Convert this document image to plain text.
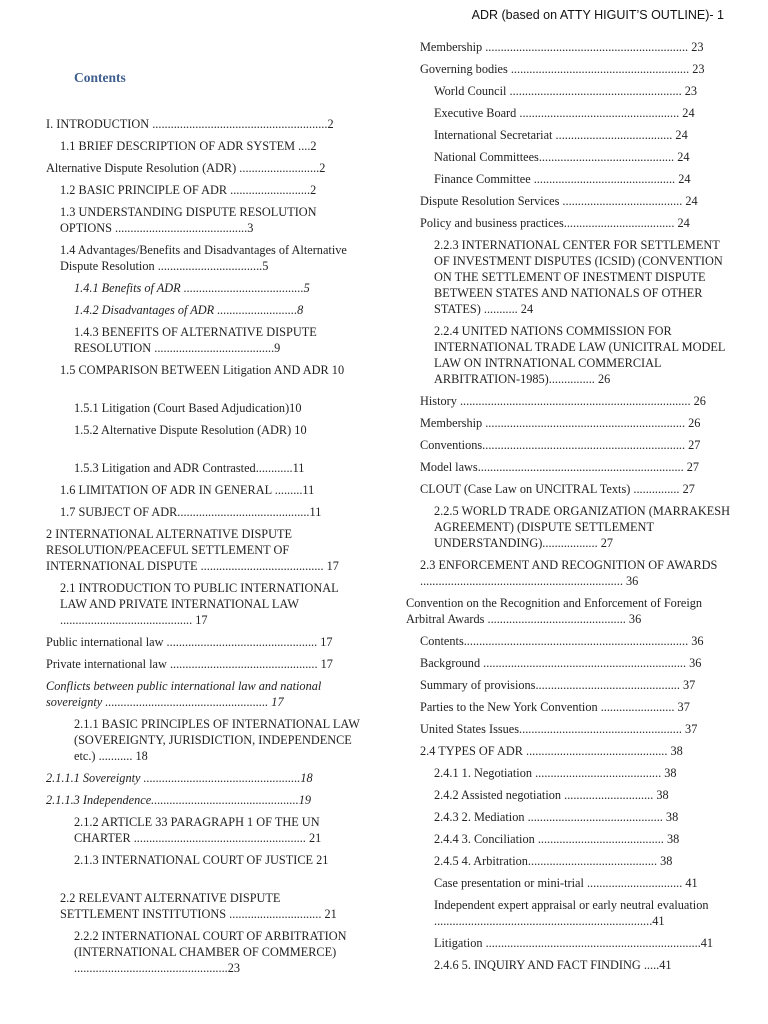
ADR (based on ATTY HIGUIT’S OUTLINE)- 1
Contents
I. INTRODUCTION .........................................................2
1.1 BRIEF DESCRIPTION OF ADR SYSTEM ....2
Alternative Dispute Resolution (ADR) ..........................2
1.2 BASIC PRINCIPLE OF ADR ..........................2
1.3 UNDERSTANDING DISPUTE RESOLUTION OPTIONS ...........................................3
1.4 Advantages/Benefits and Disadvantages of Alternative Dispute Resolution ..................................5
1.4.1 Benefits of ADR .......................................5
1.4.2 Disadvantages of ADR ..........................8
1.4.3 BENEFITS OF ALTERNATIVE DISPUTE RESOLUTION .......................................9
1.5 COMPARISON BETWEEN Litigation AND ADR 10
1.5.1 Litigation (Court Based Adjudication)10
1.5.2 Alternative Dispute Resolution (ADR) 10
1.5.3 Litigation and ADR Contrasted............11
1.6 LIMITATION OF ADR IN GENERAL .........11
1.7 SUBJECT OF ADR...........................................11
2 INTERNATIONAL ALTERNATIVE DISPUTE RESOLUTION/PEACEFUL SETTLEMENT OF INTERNATIONAL DISPUTE ........................................ 17
2.1 INTRODUCTION TO PUBLIC INTERNATIONAL LAW AND PRIVATE INTERNATIONAL LAW ........................................... 17
Public international law ................................................. 17
Private international law ................................................ 17
Conflicts between public international law and national sovereignty ..................................................... 17
2.1.1 BASIC PRINCIPLES OF INTERNATIONAL LAW (SOVEREIGNTY, JURISDICTION, INDEPENDENCE etc.) ........... 18
2.1.1.1 Sovereignty ...................................................18
2.1.1.3 Independence................................................19
2.1.2 ARTICLE 33 PARAGRAPH 1 OF THE UN CHARTER ........................................................ 21
2.1.3 INTERNATIONAL COURT OF JUSTICE 21
2.2 RELEVANT ALTERNATIVE DISPUTE SETTLEMENT INSTITUTIONS .............................. 21
2.2.2 INTERNATIONAL COURT OF ARBITRATION (INTERNATIONAL CHAMBER OF COMMERCE) ..................................................23
Membership .................................................................. 23
Governing bodies .......................................................... 23
World Council ........................................................ 23
Executive Board .................................................... 24
International Secretariat ...................................... 24
National Committees............................................ 24
Finance Committee .............................................. 24
Dispute Resolution Services ....................................... 24
Policy and business practices.................................... 24
2.2.3 INTERNATIONAL CENTER FOR SETTLEMENT OF INVESTMENT DISPUTES (ICSID) (CONVENTION ON THE SETTLEMENT OF INESTMENT DISPUTE BETWEEN STATES AND NATIONALS OF OTHER STATES) ........... 24
2.2.4 UNITED NATIONS COMMISSION FOR INTERNATIONAL TRADE LAW (UNICITRAL MODEL LAW ON INTRNATIONAL COMMERCIAL ARBITRATION-1985)............... 26
History ........................................................................... 26
Membership ................................................................. 26
Conventions.................................................................. 27
Model laws................................................................... 27
CLOUT (Case Law on UNCITRAL Texts) ............... 27
2.2.5 WORLD TRADE ORGANIZATION (MARRAKESH AGREEMENT) (DISPUTE SETTLEMENT UNDERSTANDING).................. 27
2.3 ENFORCEMENT AND RECOGNITION OF AWARDS .................................................................. 36
Convention on the Recognition and Enforcement of Foreign Arbitral Awards ............................................. 36
Contents......................................................................... 36
Background .................................................................. 36
Summary of provisions............................................... 37
Parties to the New York Convention ........................ 37
United States Issues..................................................... 37
2.4 TYPES OF ADR .............................................. 38
2.4.1 1. Negotiation ......................................... 38
2.4.2 Assisted negotiation ............................. 38
2.4.3 2. Mediation ............................................ 38
2.4.4 3. Conciliation ......................................... 38
2.4.5 4. Arbitration.......................................... 38
Case presentation or mini-trial ............................... 41
Independent expert appraisal or early neutral evaluation .......................................................................41
Litigation ......................................................................41
2.4.6 5. INQUIRY AND FACT FINDING .....41
